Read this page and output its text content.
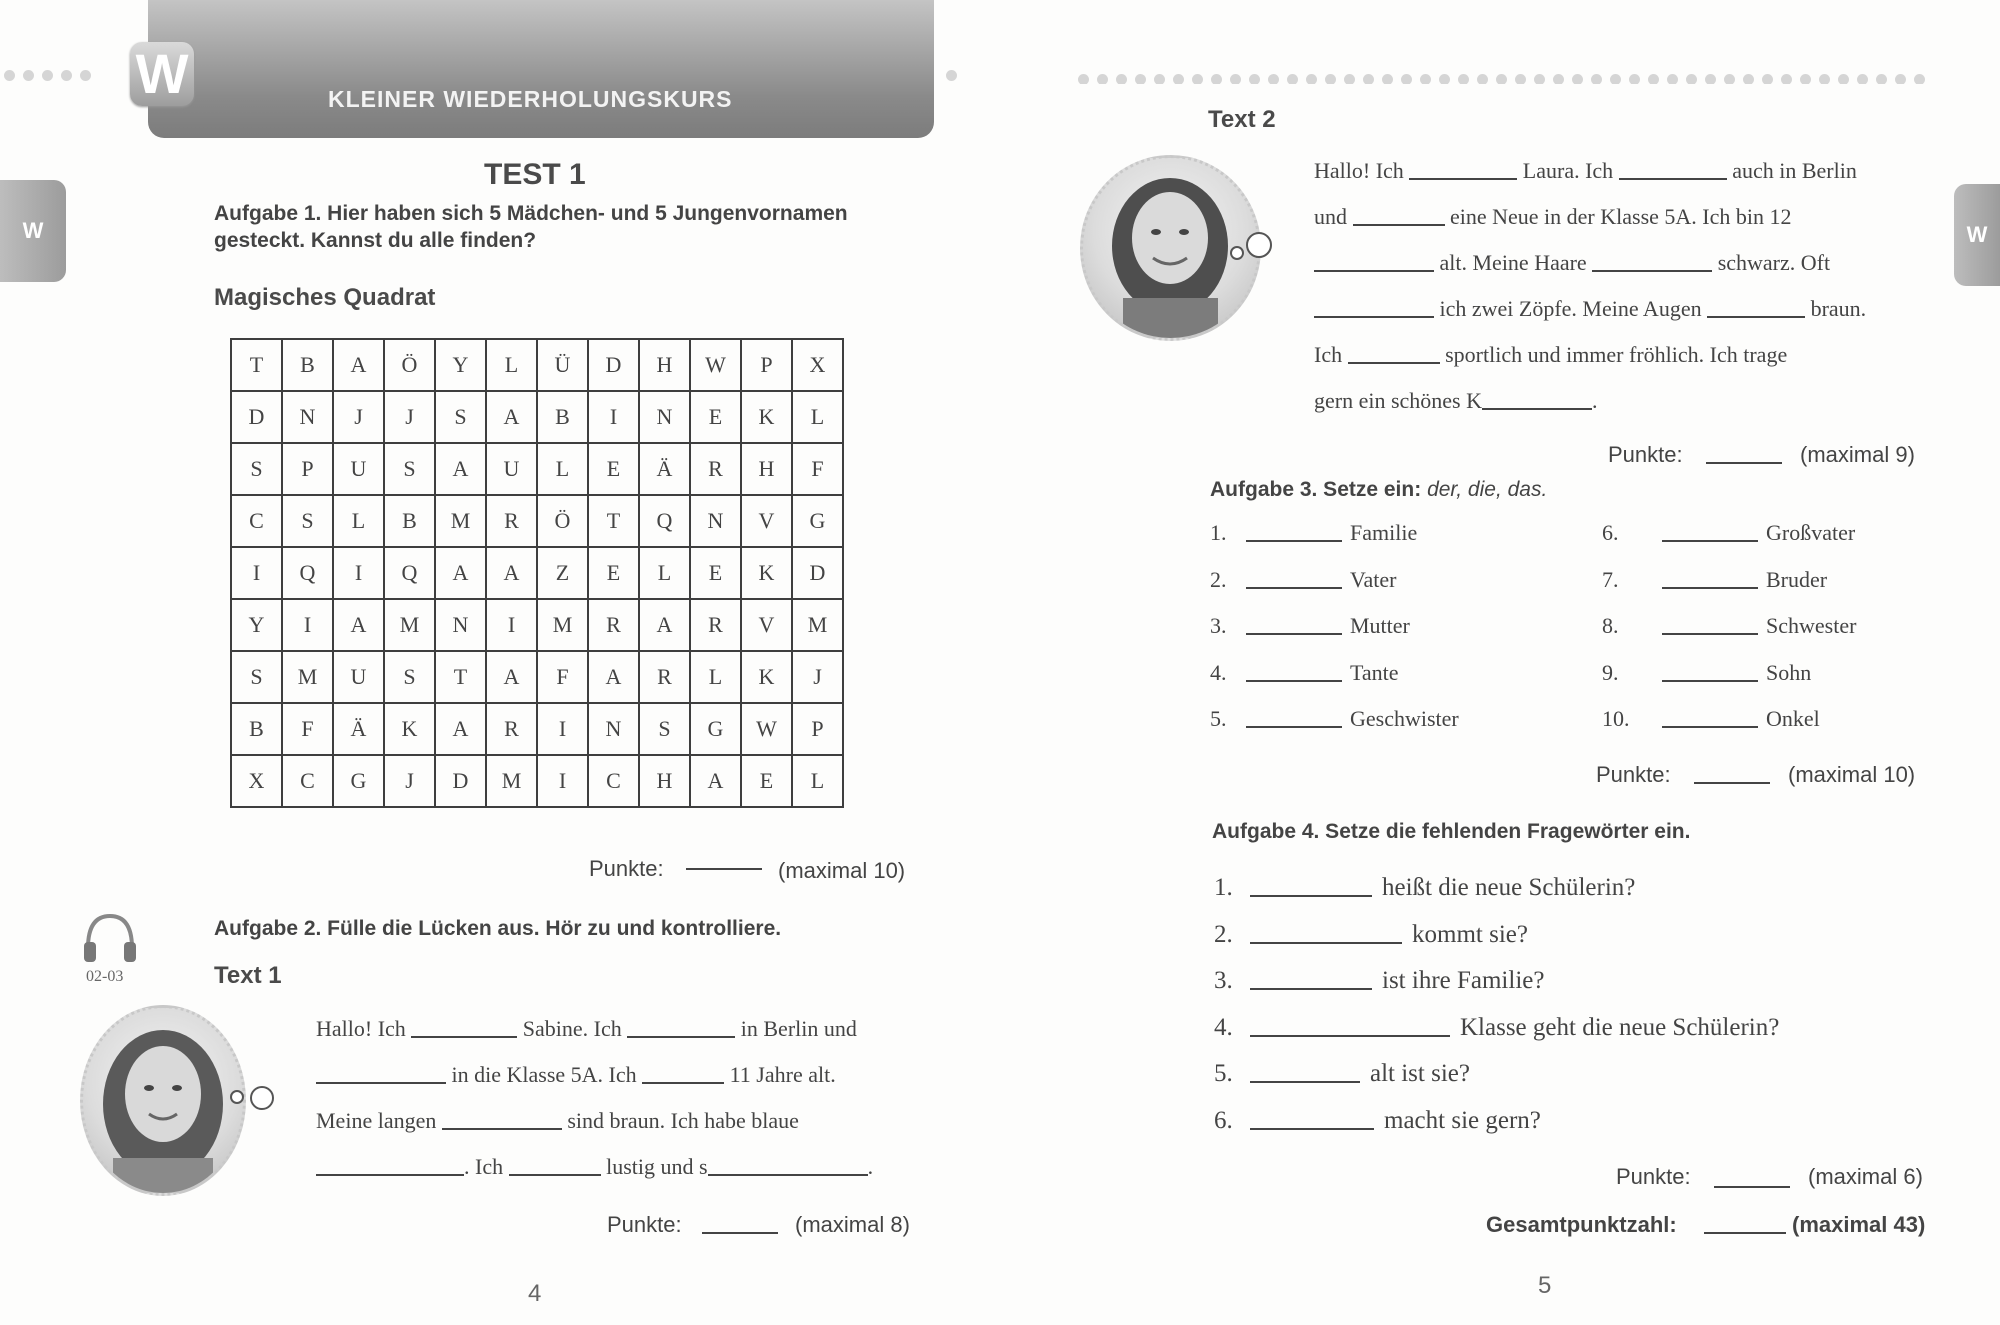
KLEINER WIEDERHOLUNGSKURS
W
W	W
TEST 1
Aufgabe 1. Hier haben sich 5 Mädchen- und 5 Jungenvornamen
gesteckt. Kannst du alle finden?
Magisches Quadrat
T	B	A	Ö	Y	L	Ü	D	H	W	P	X
D	N	J	J	S	A	B	I	N	E	K	L
S	P	U	S	A	U	L	E	Ä	R	H	F
C	S	L	B	M	R	Ö	T	Q	N	V	G
I	Q	I	Q	A	A	Z	E	L	E	K	D
Y	I	A	M	N	I	M	R	A	R	V	M
S	M	U	S	T	A	F	A	R	L	K	J
B	F	Ä	K	A	R	I	N	S	G	W	P
X	C	G	J	D	M	I	C	H	A	E	L
Punkte:	(maximal 10)
02-03
Aufgabe 2. Fülle die Lücken aus. Hör zu und kontrolliere.
Text 1
Hallo! Ich	Sabine. Ich	in Berlin und
in die Klasse 5A. Ich	11 Jahre alt.
Meine langen	sind braun. Ich habe blaue
. Ich	lustig und s	.
Punkte:	(maximal 8)
4
Text 2
Hallo! Ich	Laura. Ich	auch in Berlin
und	eine Neue in der Klasse 5A. Ich bin 12
alt. Meine Haare	schwarz. Oft
ich zwei Zöpfe. Meine Augen	braun.
Ich	sportlich und immer fröhlich. Ich trage
gern ein schönes K	.
Punkte:	(maximal 9)
Aufgabe 3. Setze ein: der, die, das.
1.	Familie
2.	Vater
3.	Mutter
4.	Tante
5.	Geschwister
6.	Großvater
7.	Bruder
8.	Schwester
9.	Sohn
10.	Onkel
Punkte:	(maximal 10)
Aufgabe 4. Setze die fehlenden Fragewörter ein.
1.	heißt die neue Schülerin?
2.	kommt sie?
3.	ist ihre Familie?
4.	Klasse geht die neue Schülerin?
5.	alt ist sie?
6.	macht sie gern?
Punkte:	(maximal 6)
Gesamtpunktzahl:	(maximal 43)
5
